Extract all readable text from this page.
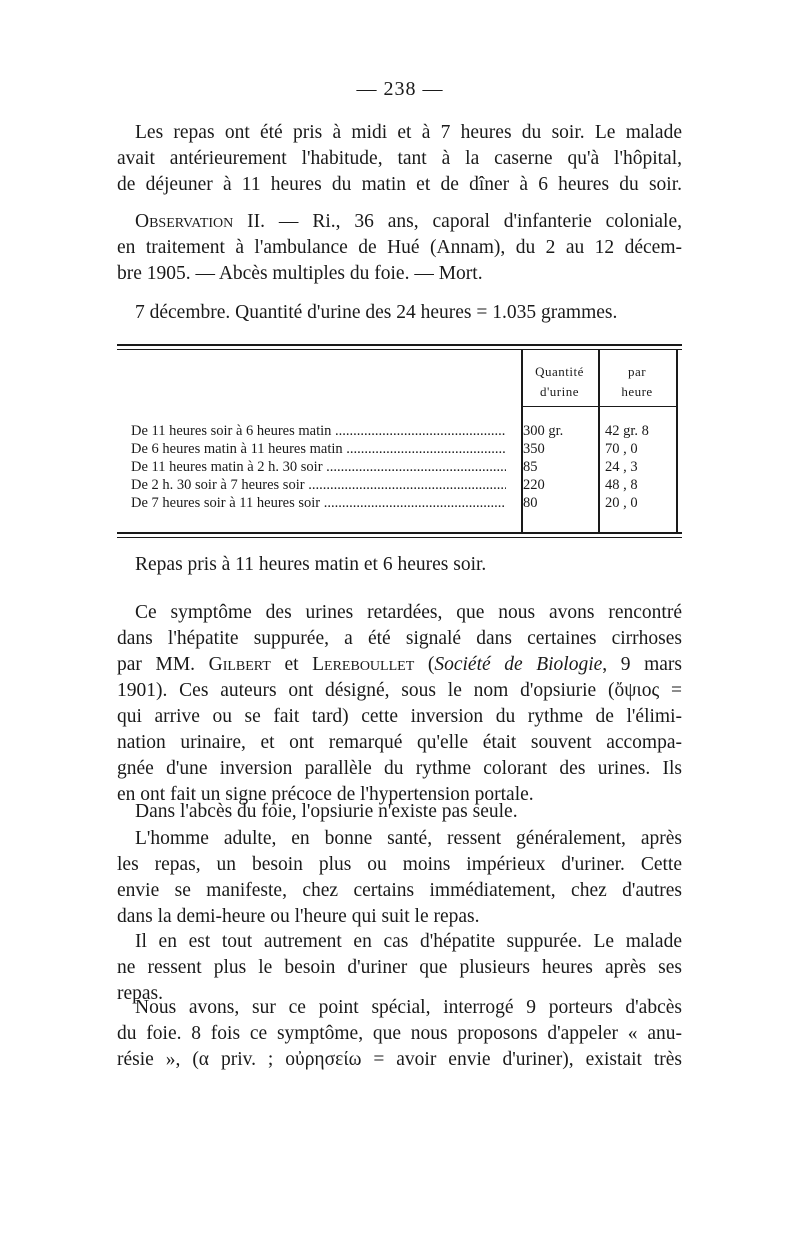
— 238 —
Les repas ont été pris à midi et à 7 heures du soir. Le malade
avait antérieurement l'habitude, tant à la caserne qu'à l'hôpital,
de déjeuner à 11 heures du matin et de dîner à 6 heures du soir.
Observation II. — Ri., 36 ans, caporal d'infanterie coloniale,
en traitement à l'ambulance de Hué (Annam), du 2 au 12 décem-
bre 1905. — Abcès multiples du foie. — Mort.
7 décembre. Quantité d'urine des 24 heures = 1.035 grammes.
Quantité
d'urine
par
heure
De 11 heures soir à 6 heures matin .....	300 gr.	42 gr. 8
De 6 heures matin à 11 heures matin .....	350	70 , 0
De 11 heures matin à 2 h. 30 soir .....	85	24 , 3
De 2 h. 30 soir à 7 heures soir .....	220	48 , 8
De 7 heures soir à 11 heures soir .....	80	20 , 0
Repas pris à 11 heures matin et 6 heures soir.
Ce symptôme des urines retardées, que nous avons rencontré
dans l'hépatite suppurée, a été signalé dans certaines cirrhoses
par MM. Gilbert et Lereboullet (Société de Biologie, 9 mars
1901). Ces auteurs ont désigné, sous le nom d'opsiurie (ὄψιος =
qui arrive ou se fait tard) cette inversion du rythme de l'élimi-
nation urinaire, et ont remarqué qu'elle était souvent accompa-
gnée d'une inversion parallèle du rythme colorant des urines. Ils
en ont fait un signe précoce de l'hypertension portale.
Dans l'abcès du foie, l'opsiurie n'existe pas seule.
L'homme adulte, en bonne santé, ressent généralement, après
les repas, un besoin plus ou moins impérieux d'uriner. Cette
envie se manifeste, chez certains immédiatement, chez d'autres
dans la demi-heure ou l'heure qui suit le repas.
Il en est tout autrement en cas d'hépatite suppurée. Le malade
ne ressent plus le besoin d'uriner que plusieurs heures après ses
repas.
Nous avons, sur ce point spécial, interrogé 9 porteurs d'abcès
du foie. 8 fois ce symptôme, que nous proposons d'appeler « anu-
résie », (α priv. ; οὐρησείω = avoir envie d'uriner), existait très
